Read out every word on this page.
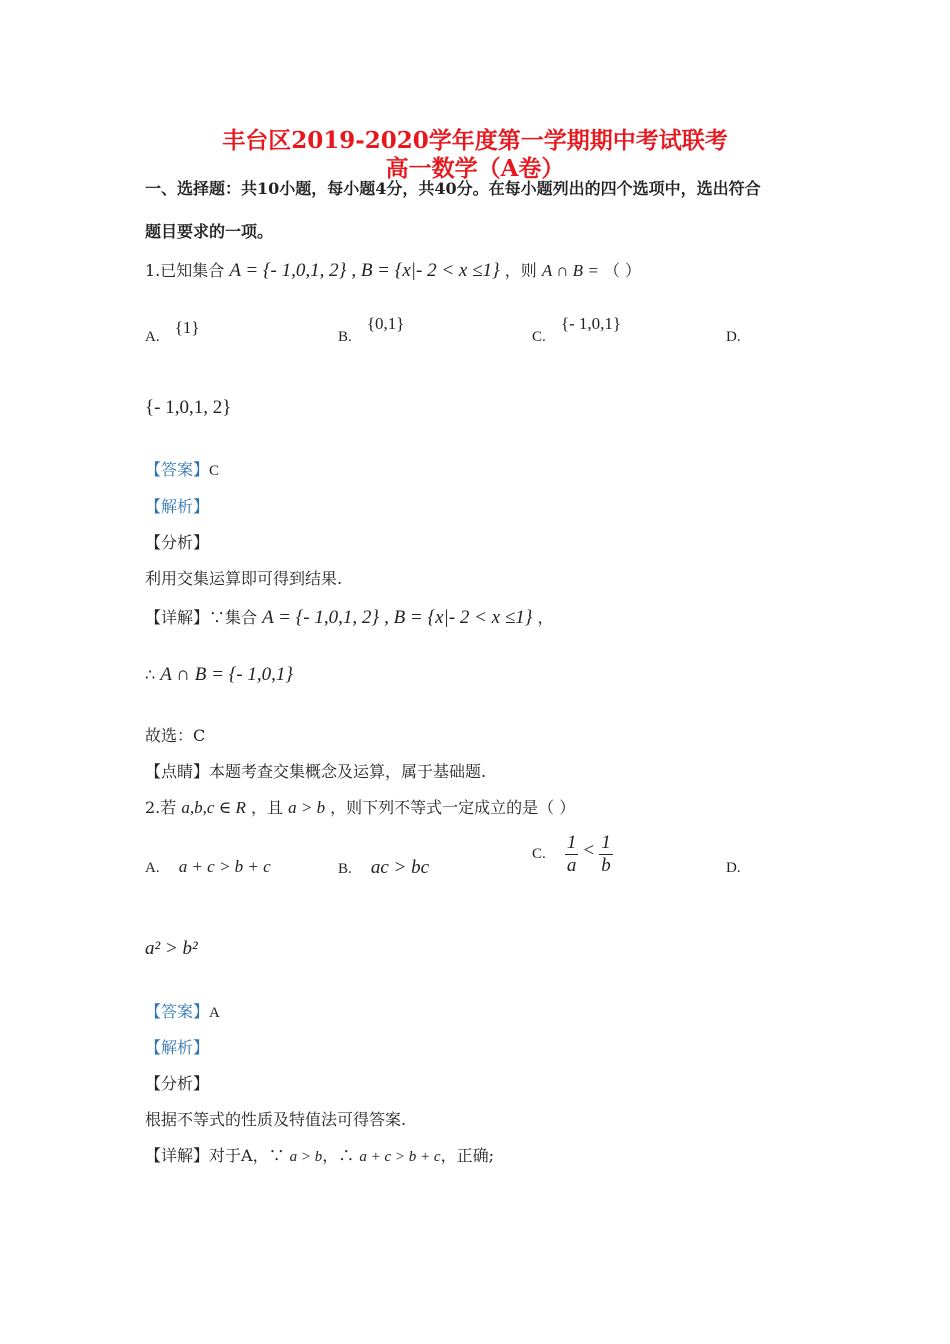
丰台区2019-2020学年度第一学期期中考试联考
高一数学（A卷）
一、选择题：共10小题，每小题4分，共40分。在每小题列出的四个选项中，选出符合
题目要求的一项。
1.已知集合 A = {- 1,0,1, 2} , B = {x|- 2 < x ≤1} ，则 A ∩ B = （ ）
A. {1}	B. {0,1}
C. {- 1,0,1}
D.
{- 1,0,1, 2}
【答案】C
【解析】
【分析】
利用交集运算即可得到结果.
【详解】∵集合 A = {- 1,0,1, 2} , B = {x|- 2 < x ≤1} ，
∴ A ∩ B = {- 1,0,1}
故选：C
【点睛】本题考查交集概念及运算，属于基础题.
2.若 a,b,c ∈ R ，且 a > b ，则下列不等式一定成立的是（ ）
A. a + c > b + c	B. ac > bc
C. $\frac{1}{a} < \frac{1}{b}$	D.
a² > b²
【答案】A
【解析】
【分析】
根据不等式的性质及特值法可得答案.
【详解】对于A，∵ a > b，∴ a + c > b + c，正确;
